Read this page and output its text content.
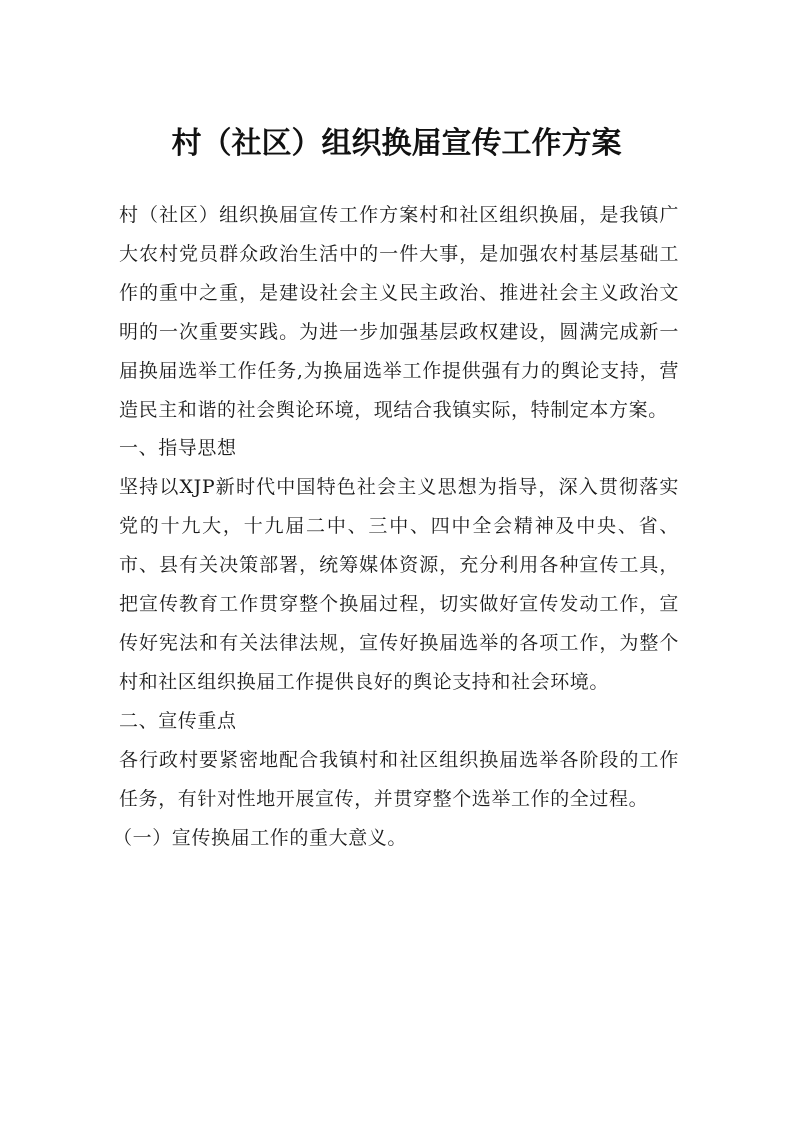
村（社区）组织换届宣传工作方案

村（社区）组织换届宣传工作方案村和社区组织换届，是我镇广大农村党员群众政治生活中的一件大事，是加强农村基层基础工作的重中之重，是建设社会主义民主政治、推进社会主义政治文明的一次重要实践。为进一步加强基层政权建设，圆满完成新一届换届选举工作任务,为换届选举工作提供强有力的舆论支持，营造民主和谐的社会舆论环境，现结合我镇实际，特制定本方案。

一、指导思想

坚持以XJP新时代中国特色社会主义思想为指导，深入贯彻落实党的十九大，十九届二中、三中、四中全会精神及中央、省、市、县有关决策部署，统筹媒体资源，充分利用各种宣传工具，把宣传教育工作贯穿整个换届过程，切实做好宣传发动工作，宣传好宪法和有关法律法规，宣传好换届选举的各项工作，为整个村和社区组织换届工作提供良好的舆论支持和社会环境。

二、宣传重点

各行政村要紧密地配合我镇村和社区组织换届选举各阶段的工作任务，有针对性地开展宣传，并贯穿整个选举工作的全过程。

（一）宣传换届工作的重大意义。
